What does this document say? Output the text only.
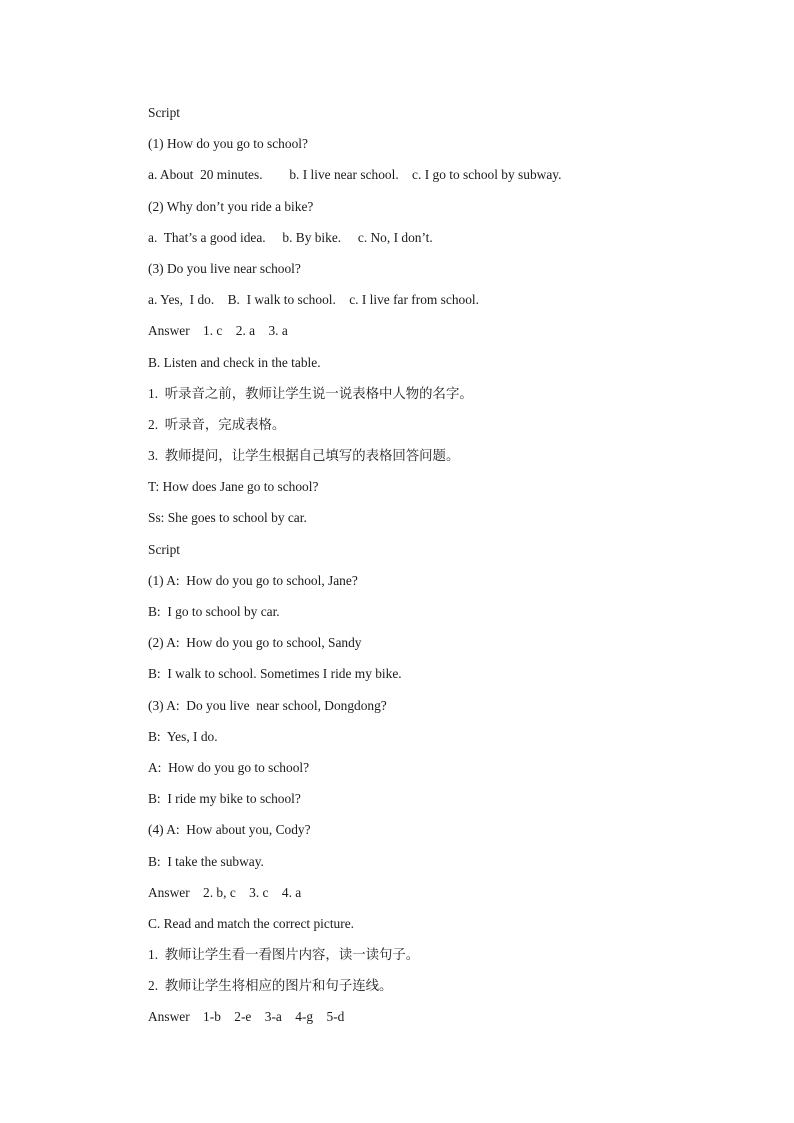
Script
(1) How do you go to school?
a. About  20 minutes.        b. I live near school.    c. I go to school by subway.
(2) Why don’t you ride a bike?
a.  That’s a good idea.     b. By bike.     c. No, I don’t.
(3) Do you live near school?
a. Yes,  I do.    B.  I walk to school.    c. I live far from school.
Answer    1. c    2. a    3. a
B. Listen and check in the table.
1.  听录音之前，教师让学生说一说表格中人物的名字。
2.  听录音，完成表格。
3.  教师提问，让学生根据自己填写的表格回答问题。
T: How does Jane go to school?
Ss: She goes to school by car.
Script
(1) A:  How do you go to school, Jane?
B:  I go to school by car.
(2) A:  How do you go to school, Sandy
B:  I walk to school. Sometimes I ride my bike.
(3) A:  Do you live  near school, Dongdong?
B:  Yes, I do.
A:  How do you go to school?
B:  I ride my bike to school?
(4) A:  How about you, Cody?
B:  I take the subway.
Answer    2. b, c    3. c    4. a
C. Read and match the correct picture.
1.  教师让学生看一看图片内容，读一读句子。
2.  教师让学生将相应的图片和句子连线。
Answer    1-b    2-e    3-a    4-g    5-d
